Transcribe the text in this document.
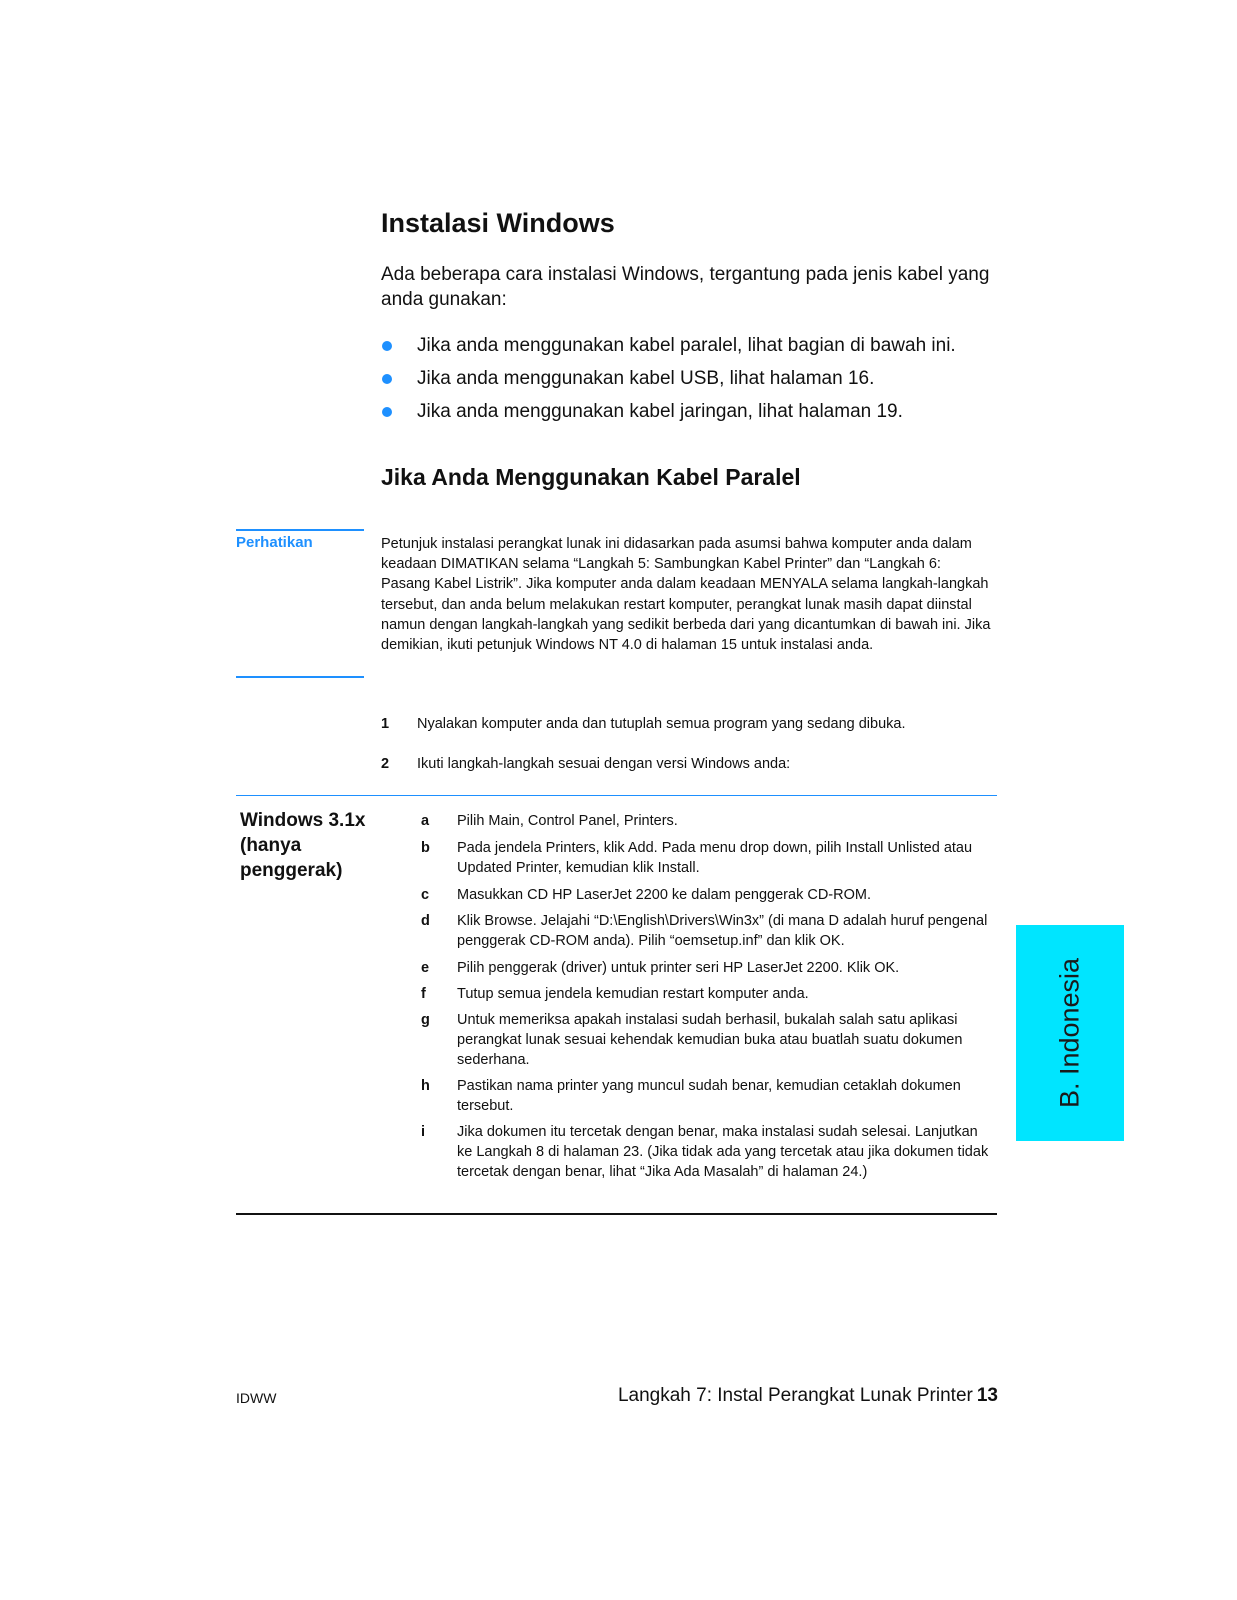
Instalasi Windows
Ada beberapa cara instalasi Windows, tergantung pada jenis kabel yang anda gunakan:
Jika anda menggunakan kabel paralel, lihat bagian di bawah ini.
Jika anda menggunakan kabel USB, lihat halaman 16.
Jika anda menggunakan kabel jaringan, lihat halaman 19.
Jika Anda Menggunakan Kabel Paralel
Perhatikan	Petunjuk instalasi perangkat lunak ini didasarkan pada asumsi bahwa komputer anda dalam keadaan DIMATIKAN selama “Langkah 5: Sambungkan Kabel Printer” dan “Langkah 6: Pasang Kabel Listrik”. Jika komputer anda dalam keadaan MENYALA selama langkah-langkah tersebut, dan anda belum melakukan restart komputer, perangkat lunak masih dapat diinstal namun dengan langkah-langkah yang sedikit berbeda dari yang dicantumkan di bawah ini. Jika demikian, ikuti petunjuk Windows NT 4.0 di halaman 15 untuk instalasi anda.
1 Nyalakan komputer anda dan tutuplah semua program yang sedang dibuka.
2 Ikuti langkah-langkah sesuai dengan versi Windows anda:
Windows 3.1x (hanya penggerak)
a Pilih Main, Control Panel, Printers.
b Pada jendela Printers, klik Add. Pada menu drop down, pilih Install Unlisted atau Updated Printer, kemudian klik Install.
c Masukkan CD HP LaserJet 2200 ke dalam penggerak CD-ROM.
d Klik Browse. Jelajahi “D:\English\Drivers\Win3x” (di mana D adalah huruf pengenal penggerak CD-ROM anda). Pilih “oemsetup.inf” dan klik OK.
e Pilih penggerak (driver) untuk printer seri HP LaserJet 2200. Klik OK.
f Tutup semua jendela kemudian restart komputer anda.
g Untuk memeriksa apakah instalasi sudah berhasil, bukalah salah satu aplikasi perangkat lunak sesuai kehendak kemudian buka atau buatlah suatu dokumen sederhana.
h Pastikan nama printer yang muncul sudah benar, kemudian cetaklah dokumen tersebut.
i Jika dokumen itu tercetak dengan benar, maka instalasi sudah selesai. Lanjutkan ke Langkah 8 di halaman 23. (Jika tidak ada yang tercetak atau jika dokumen tidak tercetak dengan benar, lihat “Jika Ada Masalah” di halaman 24.)
B. Indonesia
IDWW	Langkah 7: Instal Perangkat Lunak Printer 13
